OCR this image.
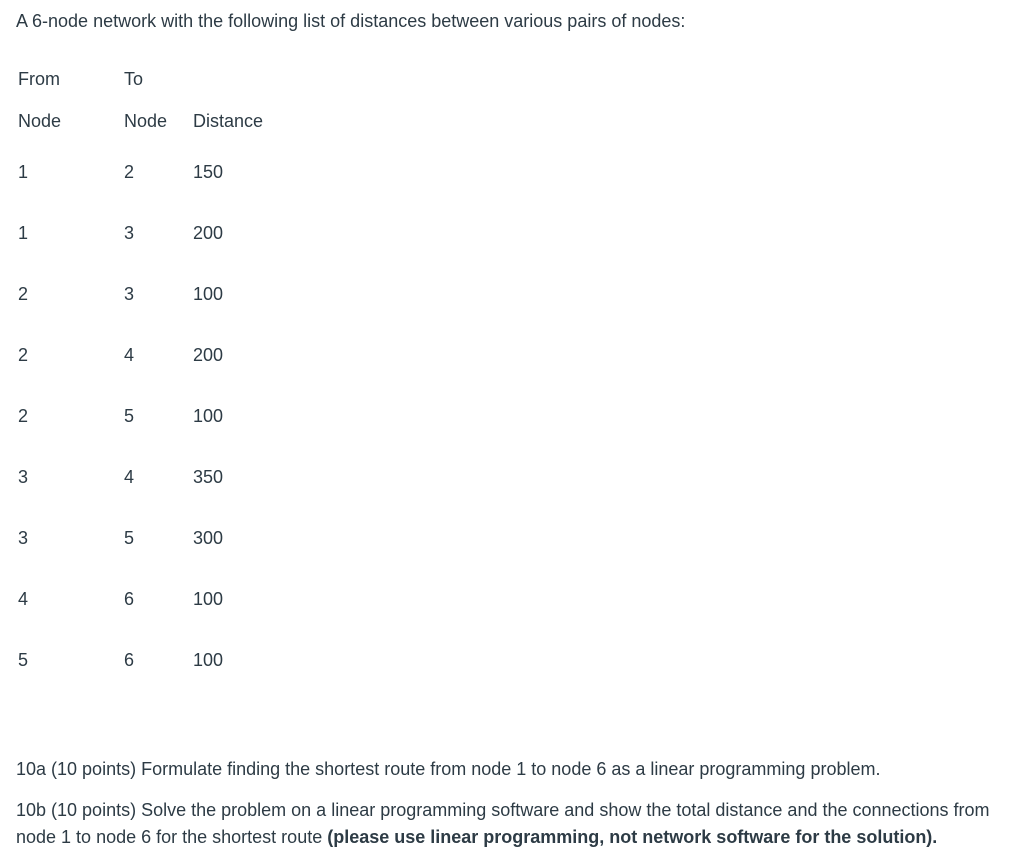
A 6-node network with the following list of distances between various pairs of nodes:
From	To	
Node	Node	Distance
1	2	150
1	3	200
2	3	100
2	4	200
2	5	100
3	4	350
3	5	300
4	6	100
5	6	100
10a (10 points) Formulate finding the shortest route from node 1 to node 6 as a linear programming problem.
10b (10 points) Solve the problem on a linear programming software and show the total distance and the connections from node 1 to node 6 for the shortest route (please use linear programming, not network software for the solution).
